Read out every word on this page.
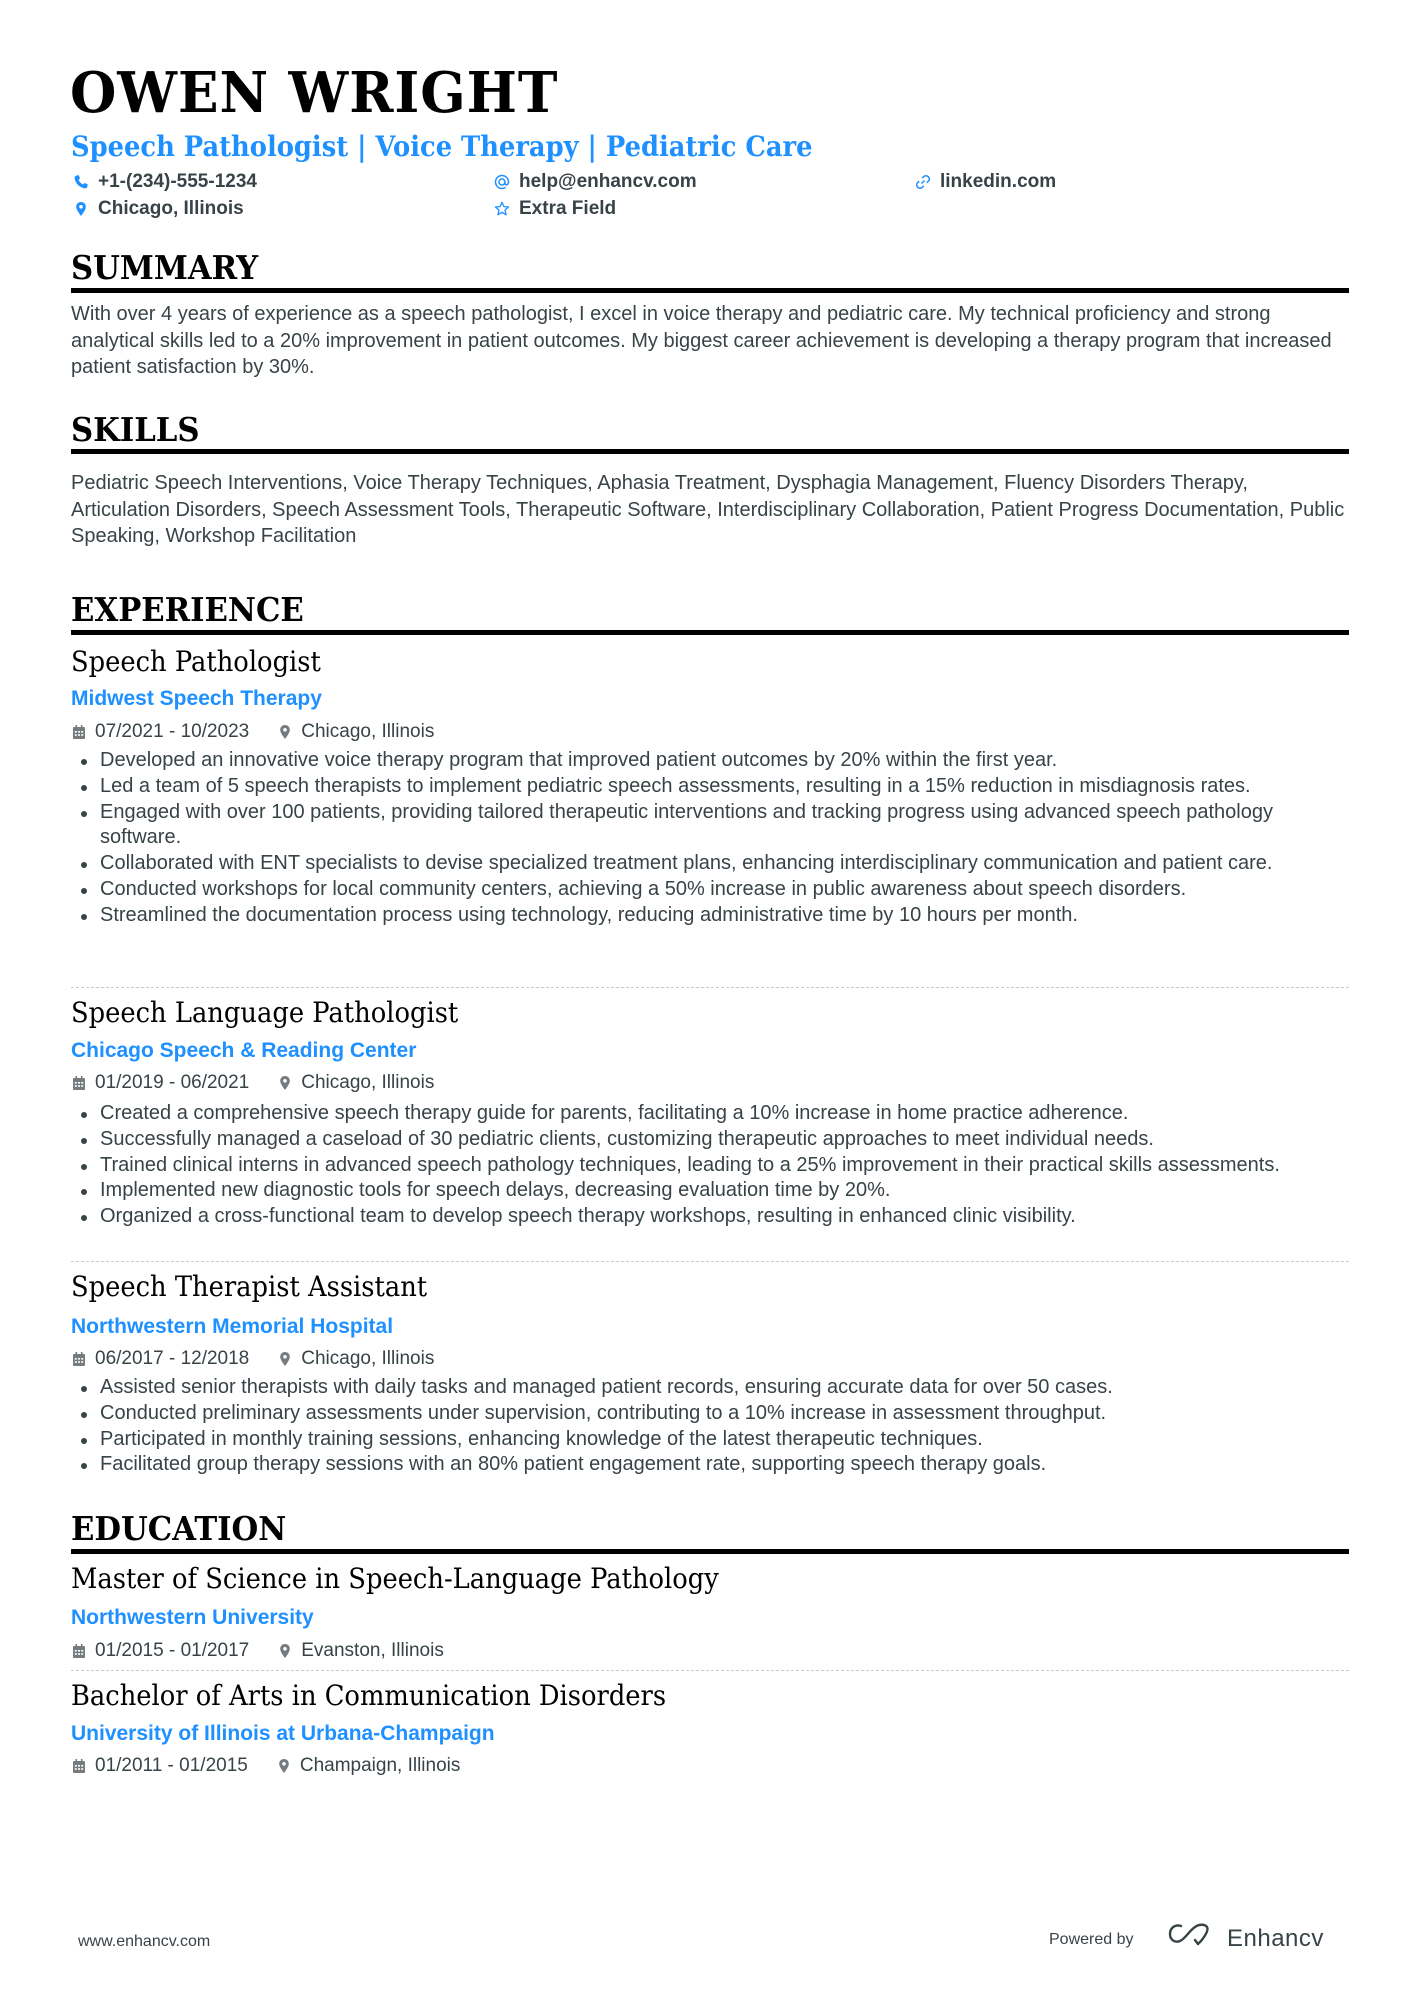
OWEN WRIGHT
Speech Pathologist | Voice Therapy | Pediatric Care
+1-(234)-555-1234	help@enhancv.com	linkedin.com
Chicago, Illinois	Extra Field
SUMMARY
With over 4 years of experience as a speech pathologist, I excel in voice therapy and pediatric care. My technical proficiency and strong analytical skills led to a 20% improvement in patient outcomes. My biggest career achievement is developing a therapy program that increased patient satisfaction by 30%.
SKILLS
Pediatric Speech Interventions, Voice Therapy Techniques, Aphasia Treatment, Dysphagia Management, Fluency Disorders Therapy, Articulation Disorders, Speech Assessment Tools, Therapeutic Software, Interdisciplinary Collaboration, Patient Progress Documentation, Public Speaking, Workshop Facilitation
EXPERIENCE
Speech Pathologist
Midwest Speech Therapy
07/2021 - 10/2023	Chicago, Illinois
Developed an innovative voice therapy program that improved patient outcomes by 20% within the first year.
Led a team of 5 speech therapists to implement pediatric speech assessments, resulting in a 15% reduction in misdiagnosis rates.
Engaged with over 100 patients, providing tailored therapeutic interventions and tracking progress using advanced speech pathology software.
Collaborated with ENT specialists to devise specialized treatment plans, enhancing interdisciplinary communication and patient care.
Conducted workshops for local community centers, achieving a 50% increase in public awareness about speech disorders.
Streamlined the documentation process using technology, reducing administrative time by 10 hours per month.
Speech Language Pathologist
Chicago Speech & Reading Center
01/2019 - 06/2021	Chicago, Illinois
Created a comprehensive speech therapy guide for parents, facilitating a 10% increase in home practice adherence.
Successfully managed a caseload of 30 pediatric clients, customizing therapeutic approaches to meet individual needs.
Trained clinical interns in advanced speech pathology techniques, leading to a 25% improvement in their practical skills assessments.
Implemented new diagnostic tools for speech delays, decreasing evaluation time by 20%.
Organized a cross-functional team to develop speech therapy workshops, resulting in enhanced clinic visibility.
Speech Therapist Assistant
Northwestern Memorial Hospital
06/2017 - 12/2018	Chicago, Illinois
Assisted senior therapists with daily tasks and managed patient records, ensuring accurate data for over 50 cases.
Conducted preliminary assessments under supervision, contributing to a 10% increase in assessment throughput.
Participated in monthly training sessions, enhancing knowledge of the latest therapeutic techniques.
Facilitated group therapy sessions with an 80% patient engagement rate, supporting speech therapy goals.
EDUCATION
Master of Science in Speech-Language Pathology
Northwestern University
01/2015 - 01/2017	Evanston, Illinois
Bachelor of Arts in Communication Disorders
University of Illinois at Urbana-Champaign
01/2011 - 01/2015	Champaign, Illinois
www.enhancv.com	Powered by	Enhancv
